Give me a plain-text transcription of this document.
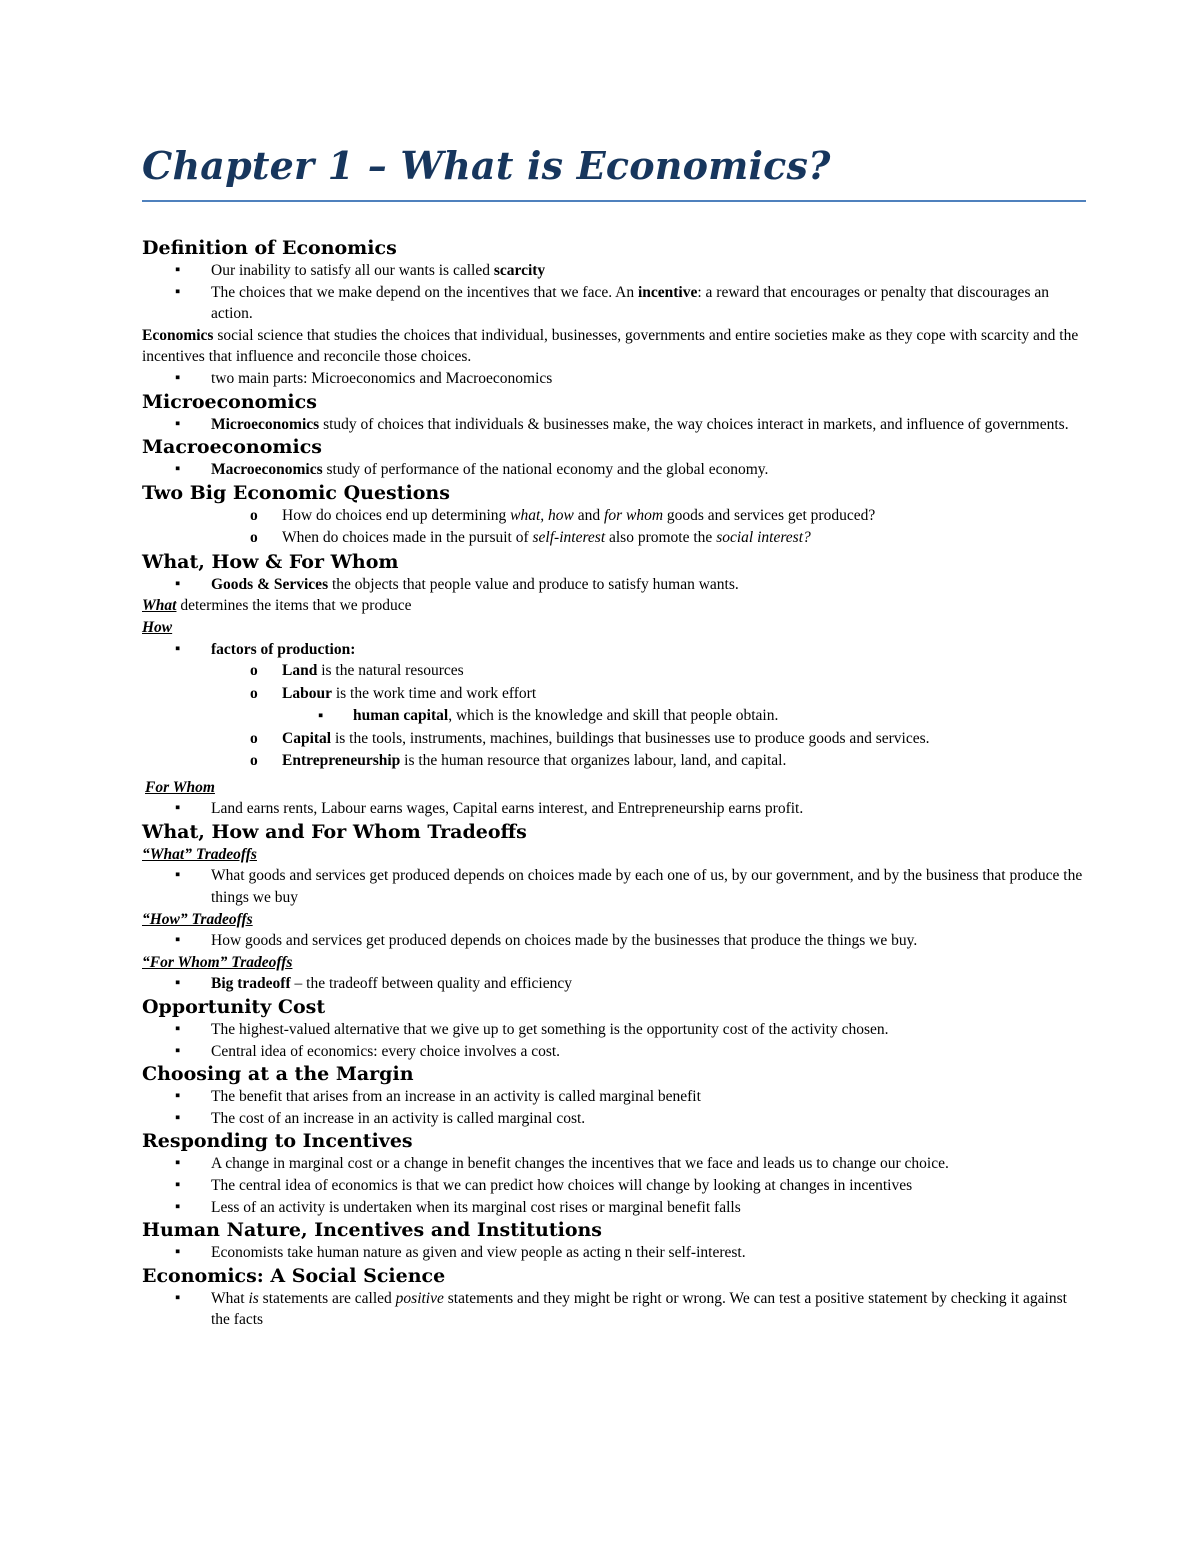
Chapter 1 – What is Economics?
Definition of Economics
▪ Our inability to satisfy all our wants is called scarcity
▪ The choices that we make depend on the incentives that we face. An incentive: a reward that encourages or penalty that discourages an action.

Economics social science that studies the choices that individual, businesses, governments and entire societies make as they cope with scarcity and the incentives that influence and reconcile those choices.

▪ two main parts: Microeconomics and Macroeconomics
Microeconomics
▪ Microeconomics study of choices that individuals & businesses make, the way choices interact in markets, and influence of governments.
Macroeconomics
▪ Macroeconomics study of performance of the national economy and the global economy.
Two Big Economic Questions
o How do choices end up determining what, how and for whom goods and services get produced?
o When do choices made in the pursuit of self-interest also promote the social interest?
What, How & For Whom
▪ Goods & Services the objects that people value and produce to satisfy human wants.

What determines the items that we produce

How

▪ factors of production:
o Land is the natural resources
o Labour is the work time and work effort
▪ human capital, which is the knowledge and skill that people obtain.
o Capital is the tools, instruments, machines, buildings that businesses use to produce goods and services.
o Entrepreneurship is the human resource that organizes labour, land, and capital.

For Whom

▪ Land earns rents, Labour earns wages, Capital earns interest, and Entrepreneurship earns profit.
What, How and For Whom Tradeoffs

“What” Tradeoffs

▪ What goods and services get produced depends on choices made by each one of us, by our government, and by the business that produce the things we buy

“How” Tradeoffs

▪ How goods and services get produced depends on choices made by the businesses that produce the things we buy.

“For Whom” Tradeoffs

▪ Big tradeoff – the tradeoff between quality and efficiency
Opportunity Cost
▪ The highest-valued alternative that we give up to get something is the opportunity cost of the activity chosen.
▪ Central idea of economics: every choice involves a cost.
Choosing at a the Margin
▪ The benefit that arises from an increase in an activity is called marginal benefit
▪ The cost of an increase in an activity is called marginal cost.
Responding to Incentives
▪ A change in marginal cost or a change in benefit changes the incentives that we face and leads us to change our choice.
▪ The central idea of economics is that we can predict how choices will change by looking at changes in incentives
▪ Less of an activity is undertaken when its marginal cost rises or marginal benefit falls
Human Nature, Incentives and Institutions
▪ Economists take human nature as given and view people as acting n their self-interest.
Economics: A Social Science
▪ What is statements are called positive statements and they might be right or wrong. We can test a positive statement by checking it against the facts
